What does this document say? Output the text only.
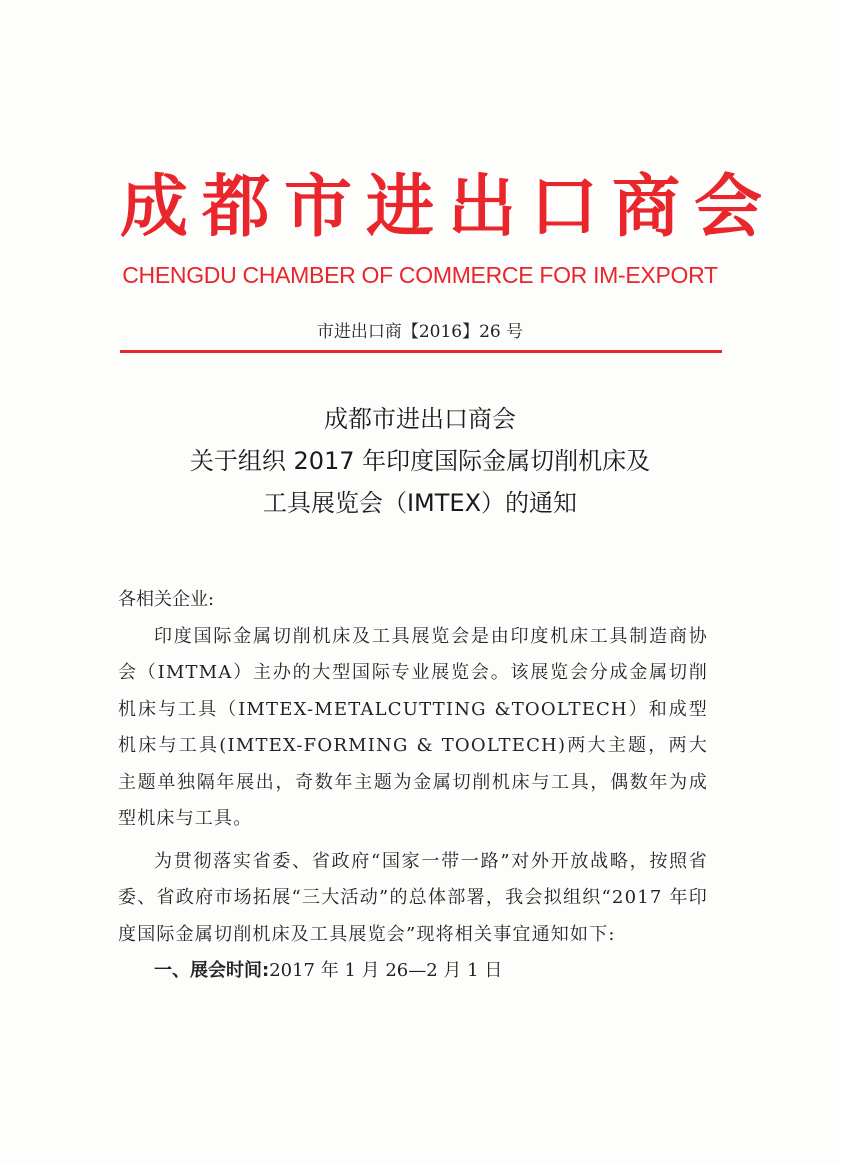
成都市进出口商会
CHENGDU CHAMBER OF COMMERCE FOR IM-EXPORT
市进出口商【2016】26 号
成都市进出口商会
关于组织 2017 年印度国际金属切削机床及
工具展览会（IMTEX）的通知

各相关企业:

印度国际金属切削机床及工具展览会是由印度机床工具制造商协会（IMTMA）主办的大型国际专业展览会。该展览会分成金属切削机床与工具（IMTEX-METALCUTTING &TOOLTECH）和成型机床与工具(IMTEX-FORMING & TOOLTECH)两大主题，两大主题单独隔年展出，奇数年主题为金属切削机床与工具，偶数年为成型机床与工具。

为贯彻落实省委、省政府“国家一带一路”对外开放战略，按照省委、省政府市场拓展“三大活动”的总体部署，我会拟组织“2017 年印度国际金属切削机床及工具展览会”现将相关事宜通知如下:

一、展会时间:2017 年 1 月 26—2 月 1 日
